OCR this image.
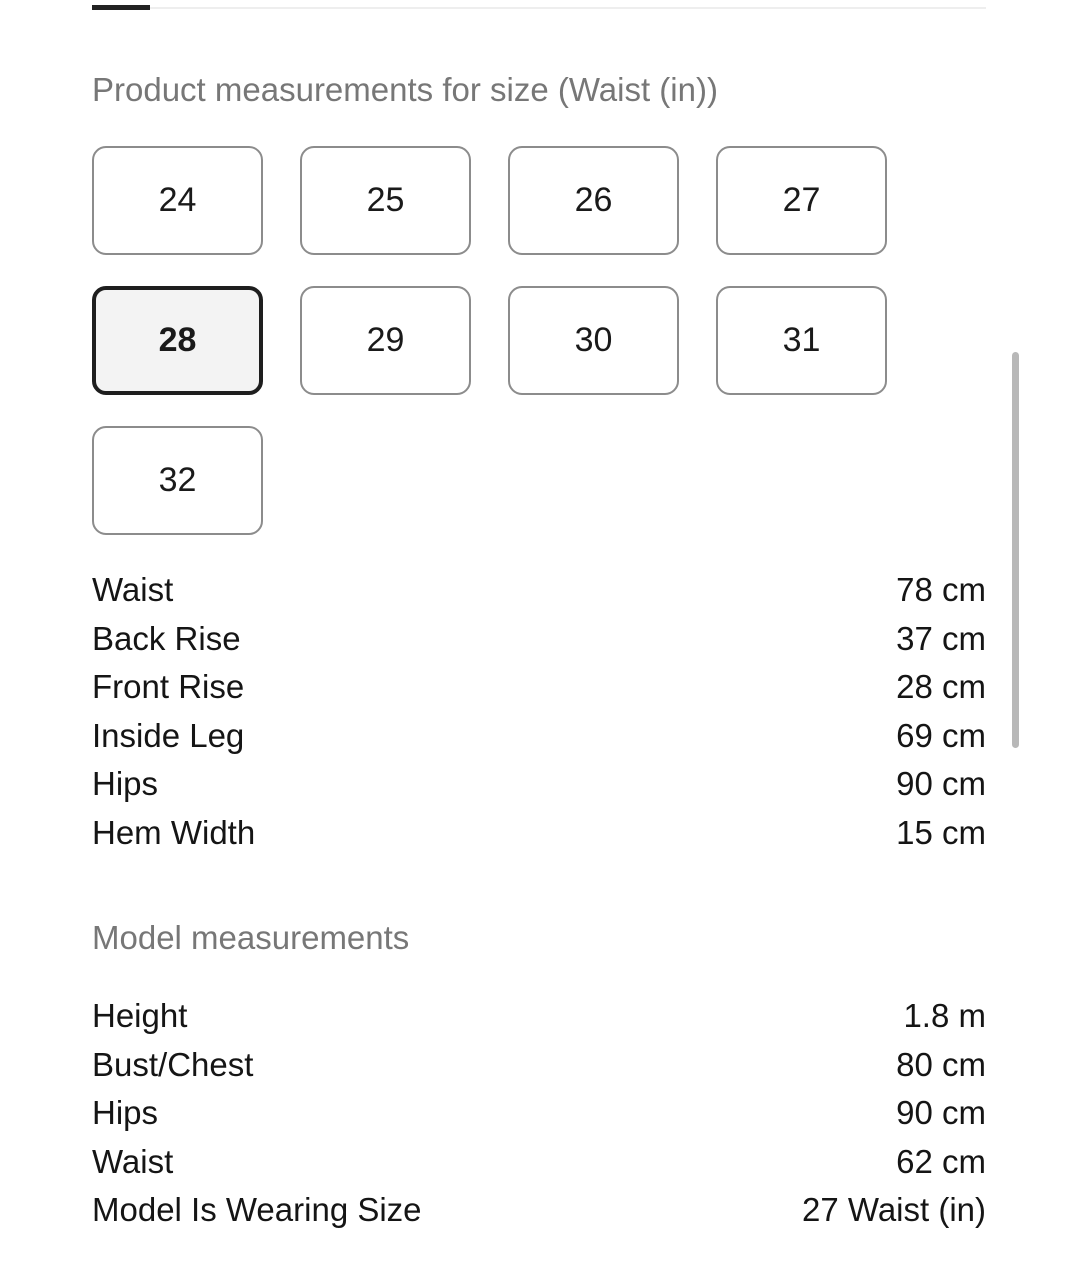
Product measurements for size (Waist (in))
24	25	26	27
28	29	30	31
32
Waist	78 cm
Back Rise	37 cm
Front Rise	28 cm
Inside Leg	69 cm
Hips	90 cm
Hem Width	15 cm
Model measurements
Height	1.8 m
Bust/Chest	80 cm
Hips	90 cm
Waist	62 cm
Model Is Wearing Size	27 Waist (in)
